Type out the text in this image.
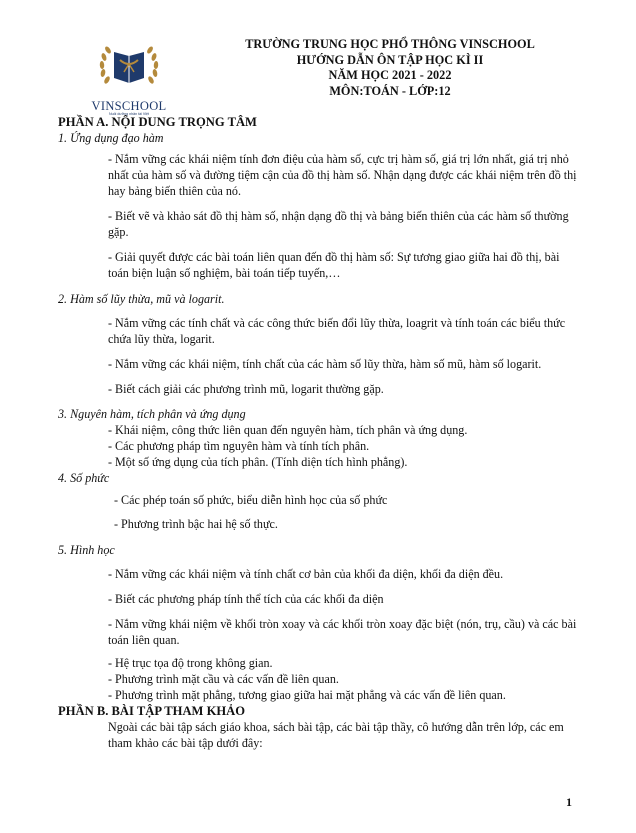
VINSCHOOL
Nuôi dưỡng nhân tài Việt
TRƯỜNG TRUNG HỌC PHỔ THÔNG VINSCHOOL
HƯỚNG DẪN ÔN TẬP HỌC KÌ II
NĂM HỌC 2021 - 2022
MÔN:TOÁN - LỚP:12

PHẦN A. NỘI DUNG TRỌNG TÂM

1. Ứng dụng đạo hàm

- Nắm vững các khái niệm tính đơn điệu của hàm số, cực trị hàm số, giá trị lớn nhất, giá trị nhỏ nhất của hàm số và đường tiệm cận của đồ thị hàm số. Nhận dạng được các khái niệm trên đồ thị hay bảng biến thiên của nó.

- Biết vẽ và khảo sát đồ thị hàm số, nhận dạng đồ thị và bảng biến thiên của các hàm số thường gặp.

- Giải quyết được các bài toán liên quan đến đồ thị hàm số: Sự tương giao giữa hai đồ thị, bài toán biện luận số nghiệm, bài toán tiếp tuyến,…

2. Hàm số lũy thừa, mũ và logarit.

- Nắm vững các tính chất và các công thức biến đổi lũy thừa, loagrit và tính toán các biểu thức chứa lũy thừa, logarit.

- Nắm vững các khái niệm, tính chất của các hàm số lũy thừa, hàm số mũ, hàm số logarit.

- Biết cách giải các phương trình mũ, logarit thường gặp.

3. Nguyên hàm, tích phân và ứng dụng

- Khái niệm, công thức liên quan đến nguyên hàm, tích phân và ứng dụng.

- Các phương pháp tìm nguyên hàm và tính tích phân.

- Một số ứng dụng của tích phân. (Tính diện tích hình phẳng).

4. Số phức

- Các phép toán số phức, biểu diễn hình học của số phức

- Phương trình bậc hai hệ số thực.

5. Hình học

- Nắm vững các khái niệm và tính chất cơ bản của khối đa diện, khối đa diện đều.

- Biết các phương pháp tính thể tích của các khối đa diện

- Nắm vững khái niệm về khối tròn xoay và các khối tròn xoay đặc biệt (nón, trụ, cầu) và các bài toán liên quan.

- Hệ trục tọa độ trong không gian.

- Phương trình mặt cầu và các vấn đề liên quan.

- Phương trình mặt phẳng, tương giao giữa hai mặt phẳng và các vấn đề liên quan.

PHẦN B. BÀI TẬP THAM KHẢO

Ngoài các bài tập sách giáo khoa, sách bài tập, các bài tập thầy, cô hướng dẫn trên lớp, các em tham khảo các bài tập dưới đây:

1
